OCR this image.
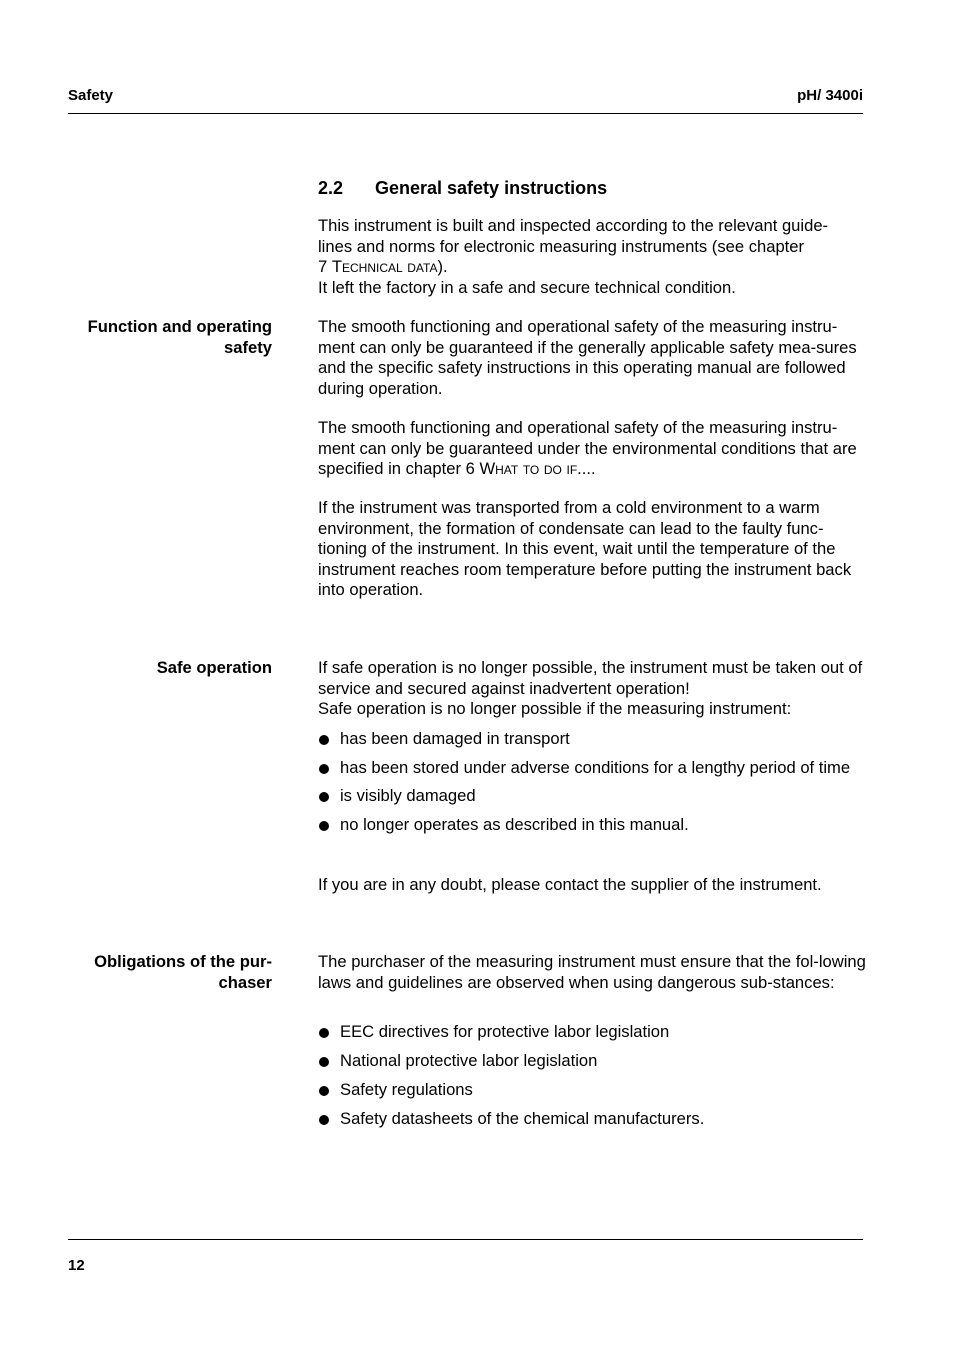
Safety	pH/ 3400i
2.2 General safety instructions
This instrument is built and inspected according to the relevant guide-
lines and norms for electronic measuring instruments (see chapter
7 Technical data).
It left the factory in a safe and secure technical condition.
Function and operating
safety

The smooth functioning and operational safety of the measuring instru-ment can only be guaranteed if the generally applicable safety mea-sures and the specific safety instructions in this operating manual are followed during operation.

The smooth functioning and operational safety of the measuring instru-ment can only be guaranteed under the environmental conditions that are specified in chapter 6 What to do if....

If the instrument was transported from a cold environment to a warm environment, the formation of condensate can lead to the faulty func-tioning of the instrument. In this event, wait until the temperature of the instrument reaches room temperature before putting the instrument back into operation.

Safe operation	If safe operation is no longer possible, the instrument must be taken out of service and secured against inadvertent operation!

Safe operation is no longer possible if the measuring instrument:

has been damaged in transport
has been stored under adverse conditions for a lengthy period of time
is visibly damaged
no longer operates as described in this manual.
If you are in any doubt, please contact the supplier of the instrument.
Obligations of the pur-
chaser

The purchaser of the measuring instrument must ensure that the fol-lowing laws and guidelines are observed when using dangerous sub-stances:

EEC directives for protective labor legislation
National protective labor legislation
Safety regulations
Safety datasheets of the chemical manufacturers.
12
